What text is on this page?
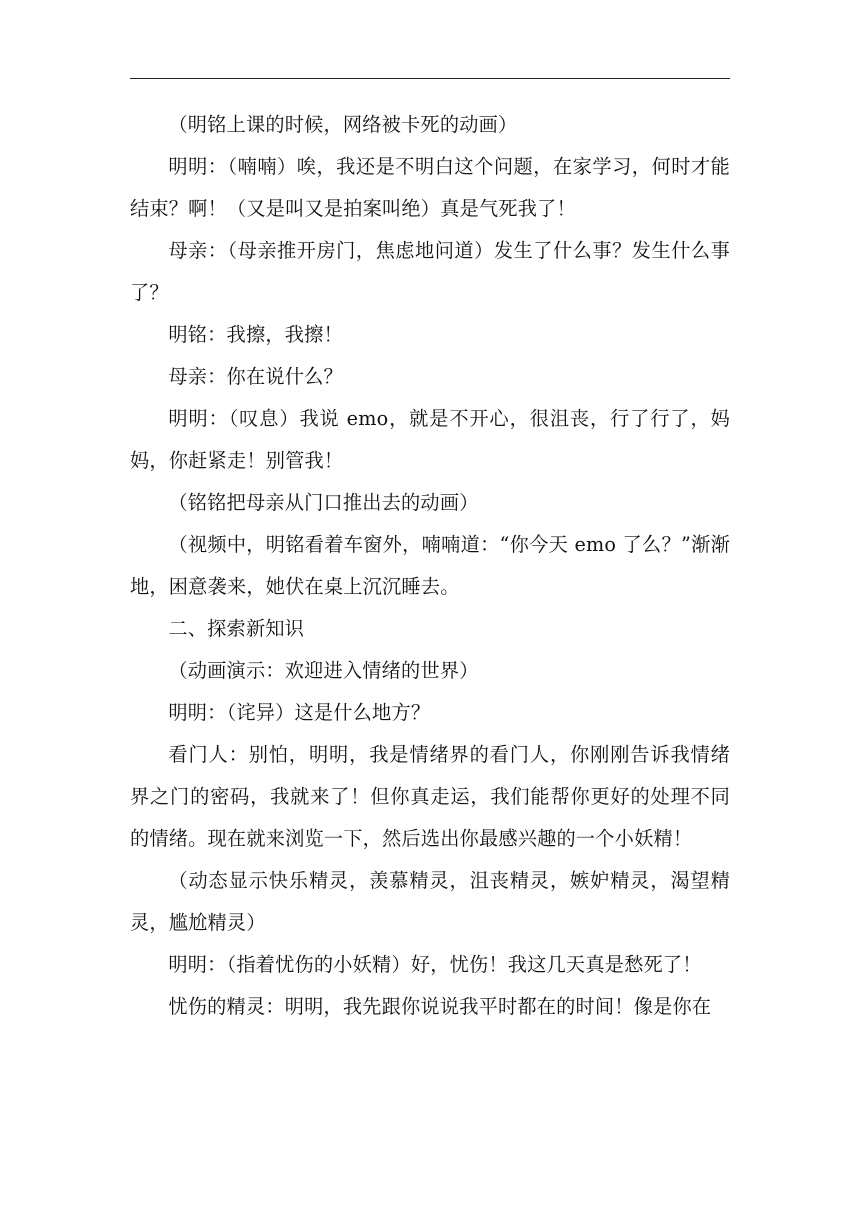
（明铭上课的时候，网络被卡死的动画）

明明：（喃喃）唉，我还是不明白这个问题，在家学习，何时才能结束？啊！（又是叫又是拍案叫绝）真是气死我了！

母亲：（母亲推开房门，焦虑地问道）发生了什么事？发生什么事了？

明铭：我擦，我擦！

母亲：你在说什么？

明明：（叹息）我说 emo，就是不开心，很沮丧，行了行了，妈妈，你赶紧走！别管我！

（铭铭把母亲从门口推出去的动画）

（视频中，明铭看着车窗外，喃喃道：“你今天 emo 了么？”渐渐地，困意袭来，她伏在桌上沉沉睡去。

二、探索新知识

（动画演示：欢迎进入情绪的世界）

明明：（诧异）这是什么地方？

看门人：别怕，明明，我是情绪界的看门人，你刚刚告诉我情绪界之门的密码，我就来了！但你真走运，我们能帮你更好的处理不同的情绪。现在就来浏览一下，然后选出你最感兴趣的一个小妖精！

（动态显示快乐精灵，羡慕精灵，沮丧精灵，嫉妒精灵，渴望精灵，尴尬精灵）

明明：（指着忧伤的小妖精）好，忧伤！我这几天真是愁死了！

忧伤的精灵：明明，我先跟你说说我平时都在的时间！像是你在
